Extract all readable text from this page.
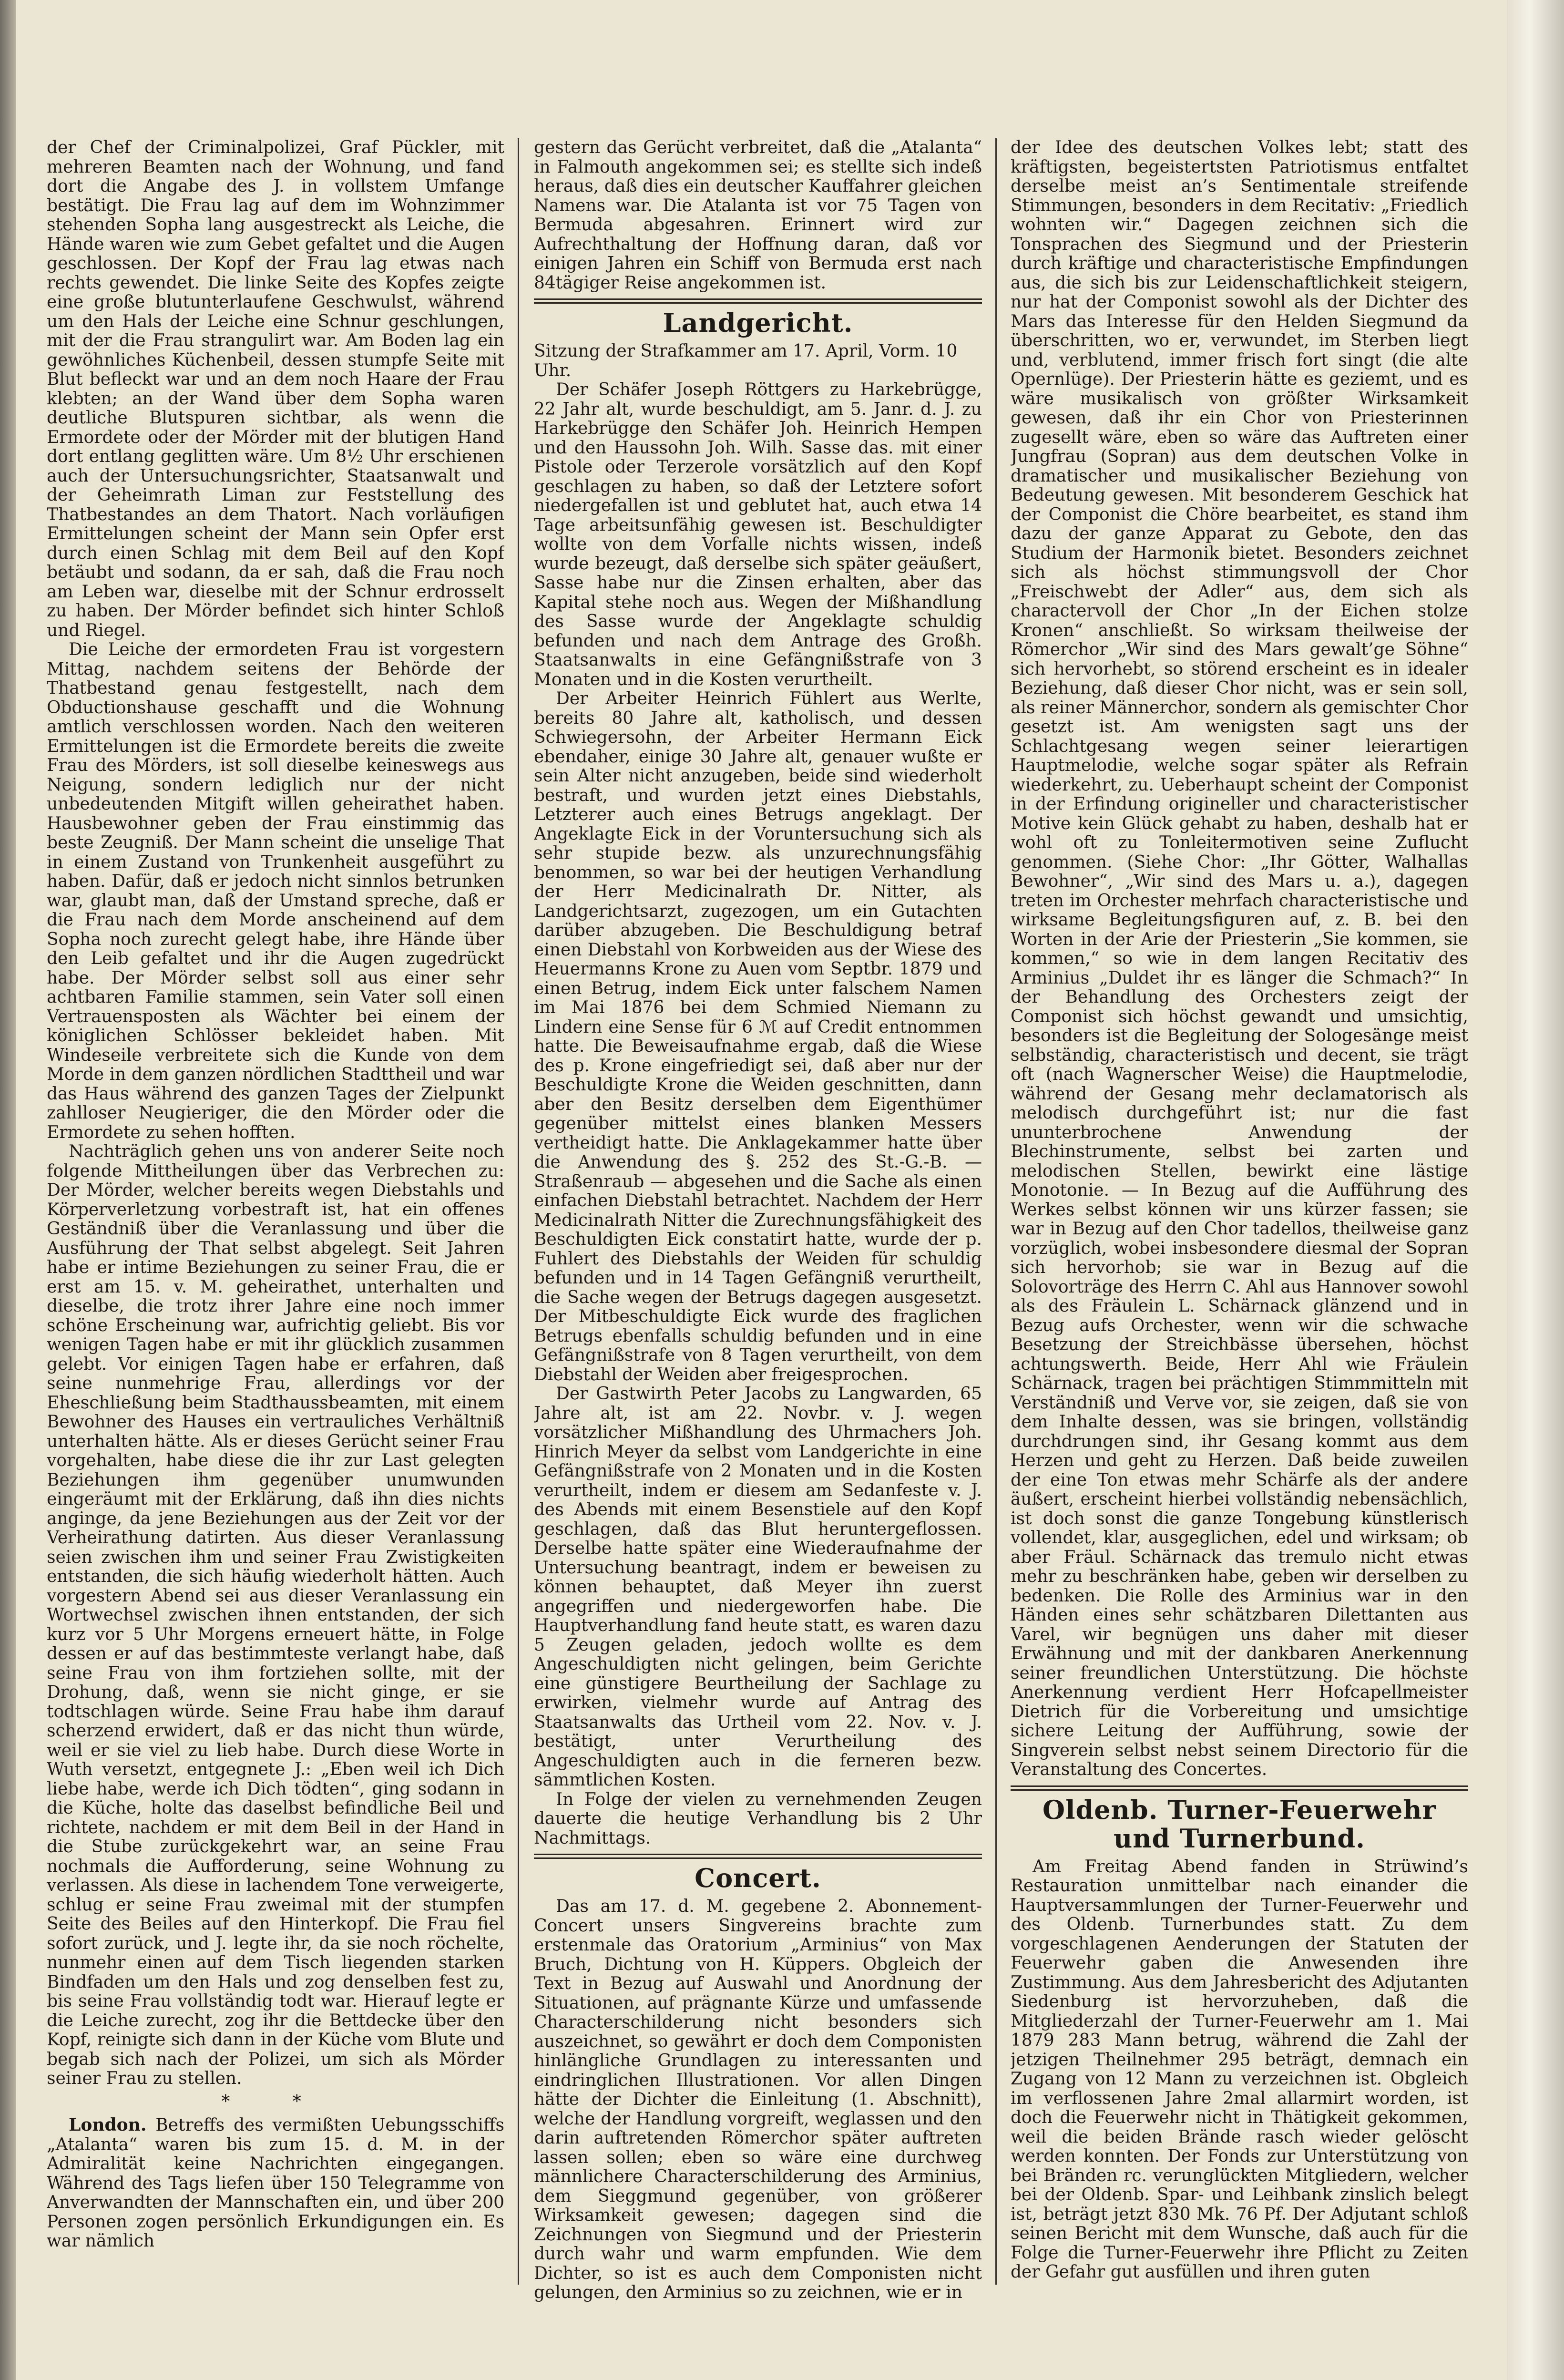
der Chef der Criminalpolizei, Graf Pückler, mit mehreren Beamten nach der Wohnung, und fand dort die Angabe des J. in vollstem Umfange bestätigt. Die Frau lag auf dem im Wohnzimmer stehenden Sopha lang ausgestreckt als Leiche, die Hände waren wie zum Gebet gefaltet und die Augen geschlossen. Der Kopf der Frau lag etwas nach rechts gewendet. Die linke Seite des Kopfes zeigte eine große blutunterlaufene Geschwulst, während um den Hals der Leiche eine Schnur geschlungen, mit der die Frau strangulirt war. Am Boden lag ein gewöhnliches Küchenbeil, dessen stumpfe Seite mit Blut befleckt war und an dem noch Haare der Frau klebten; an der Wand über dem Sopha waren deutliche Blutspuren sichtbar, als wenn die Ermordete oder der Mörder mit der blutigen Hand dort entlang geglitten wäre. Um 8½ Uhr erschienen auch der Untersuchungsrichter, Staatsanwalt und der Geheimrath Liman zur Feststellung des Thatbestandes an dem Thatort. Nach vorläufigen Ermittelungen scheint der Mann sein Opfer erst durch einen Schlag mit dem Beil auf den Kopf betäubt und sodann, da er sah, daß die Frau noch am Leben war, dieselbe mit der Schnur erdrosselt zu haben. Der Mörder befindet sich hinter Schloß und Riegel.

Die Leiche der ermordeten Frau ist vorgestern Mittag, nachdem seitens der Behörde der Thatbestand genau festgestellt, nach dem Obductionshause geschafft und die Wohnung amtlich verschlossen worden. Nach den weiteren Ermittelungen ist die Ermordete bereits die zweite Frau des Mörders, ist soll dieselbe keineswegs aus Neigung, sondern lediglich nur der nicht unbedeutenden Mitgift willen geheirathet haben. Hausbewohner geben der Frau einstimmig das beste Zeugniß. Der Mann scheint die unselige That in einem Zustand von Trunkenheit ausgeführt zu haben. Dafür, daß er jedoch nicht sinnlos betrunken war, glaubt man, daß der Umstand spreche, daß er die Frau nach dem Morde anscheinend auf dem Sopha noch zurecht gelegt habe, ihre Hände über den Leib gefaltet und ihr die Augen zugedrückt habe. Der Mörder selbst soll aus einer sehr achtbaren Familie stammen, sein Vater soll einen Vertrauensposten als Wächter bei einem der königlichen Schlösser bekleidet haben. Mit Windeseile verbreitete sich die Kunde von dem Morde in dem ganzen nördlichen Stadttheil und war das Haus während des ganzen Tages der Zielpunkt zahlloser Neugieriger, die den Mörder oder die Ermordete zu sehen hofften.

Nachträglich gehen uns von anderer Seite noch folgende Mittheilungen über das Verbrechen zu: Der Mörder, welcher bereits wegen Diebstahls und Körperverletzung vorbestraft ist, hat ein offenes Geständniß über die Veranlassung und über die Ausführung der That selbst abgelegt. Seit Jahren habe er intime Beziehungen zu seiner Frau, die er erst am 15. v. M. geheirathet, unterhalten und dieselbe, die trotz ihrer Jahre eine noch immer schöne Erscheinung war, aufrichtig geliebt. Bis vor wenigen Tagen habe er mit ihr glücklich zusammen gelebt. Vor einigen Tagen habe er erfahren, daß seine nunmehrige Frau, allerdings vor der Eheschließung beim Stadthaussbeamten, mit einem Bewohner des Hauses ein vertrauliches Verhältniß unterhalten hätte. Als er dieses Gerücht seiner Frau vorgehalten, habe diese die ihr zur Last gelegten Beziehungen ihm gegenüber unumwunden eingeräumt mit der Erklärung, daß ihn dies nichts anginge, da jene Beziehungen aus der Zeit vor der Verheirathung datirten. Aus dieser Veranlassung seien zwischen ihm und seiner Frau Zwistigkeiten entstanden, die sich häufig wiederholt hätten. Auch vorgestern Abend sei aus dieser Veranlassung ein Wortwechsel zwischen ihnen entstanden, der sich kurz vor 5 Uhr Morgens erneuert hätte, in Folge dessen er auf das bestimmteste verlangt habe, daß seine Frau von ihm fortziehen sollte, mit der Drohung, daß, wenn sie nicht ginge, er sie todtschlagen würde. Seine Frau habe ihm darauf scherzend erwidert, daß er das nicht thun würde, weil er sie viel zu lieb habe. Durch diese Worte in Wuth versetzt, entgegnete J.: „Eben weil ich Dich liebe habe, werde ich Dich tödten“, ging sodann in die Küche, holte das daselbst befindliche Beil und richtete, nachdem er mit dem Beil in der Hand in die Stube zurückgekehrt war, an seine Frau nochmals die Aufforderung, seine Wohnung zu verlassen. Als diese in lachendem Tone verweigerte, schlug er seine Frau zweimal mit der stumpfen Seite des Beiles auf den Hinterkopf. Die Frau fiel sofort zurück, und J. legte ihr, da sie noch röchelte, nunmehr einen auf dem Tisch liegenden starken Bindfaden um den Hals und zog denselben fest zu, bis seine Frau vollständig todt war. Hierauf legte er die Leiche zurecht, zog ihr die Bettdecke über den Kopf, reinigte sich dann in der Küche vom Blute und begab sich nach der Polizei, um sich als Mörder seiner Frau zu stellen.

* *

London. Betreffs des vermißten Uebungsschiffs „Atalanta“ waren bis zum 15. d. M. in der Admiralität keine Nachrichten eingegangen. Während des Tags liefen über 150 Telegramme von Anverwandten der Mannschaften ein, und über 200 Personen zogen persönlich Erkundigungen ein. Es war nämlich

gestern das Gerücht verbreitet, daß die „Atalanta“ in Falmouth angekommen sei; es stellte sich indeß heraus, daß dies ein deutscher Kauffahrer gleichen Namens war. Die Atalanta ist vor 75 Tagen von Bermuda abgesahren. Erinnert wird zur Aufrechthaltung der Hoffnung daran, daß vor einigen Jahren ein Schiff von Bermuda erst nach 84tägiger Reise angekommen ist.

Landgericht.

Sitzung der Strafkammer am 17. April, Vorm. 10 Uhr.

Der Schäfer Joseph Röttgers zu Harkebrügge, 22 Jahr alt, wurde beschuldigt, am 5. Janr. d. J. zu Harkebrügge den Schäfer Joh. Heinrich Hempen und den Haussohn Joh. Wilh. Sasse das. mit einer Pistole oder Terzerole vorsätzlich auf den Kopf geschlagen zu haben, so daß der Letztere sofort niedergefallen ist und geblutet hat, auch etwa 14 Tage arbeitsunfähig gewesen ist. Beschuldigter wollte von dem Vorfalle nichts wissen, indeß wurde bezeugt, daß derselbe sich später geäußert, Sasse habe nur die Zinsen erhalten, aber das Kapital stehe noch aus. Wegen der Mißhandlung des Sasse wurde der Angeklagte schuldig befunden und nach dem Antrage des Großh. Staatsanwalts in eine Gefängnißstrafe von 3 Monaten und in die Kosten verurtheilt.

Der Arbeiter Heinrich Fühlert aus Werlte, bereits 80 Jahre alt, katholisch, und dessen Schwiegersohn, der Arbeiter Hermann Eick ebendaher, einige 30 Jahre alt, genauer wußte er sein Alter nicht anzugeben, beide sind wiederholt bestraft, und wurden jetzt eines Diebstahls, Letzterer auch eines Betrugs angeklagt. Der Angeklagte Eick in der Voruntersuchung sich als sehr stupide bezw. als unzurechnungsfähig benommen, so war bei der heutigen Verhandlung der Herr Medicinalrath Dr. Nitter, als Landgerichtsarzt, zugezogen, um ein Gutachten darüber abzugeben. Die Beschuldigung betraf einen Diebstahl von Korbweiden aus der Wiese des Heuermanns Krone zu Auen vom Septbr. 1879 und einen Betrug, indem Eick unter falschem Namen im Mai 1876 bei dem Schmied Niemann zu Lindern eine Sense für 6 ℳ auf Credit entnommen hatte. Die Beweisaufnahme ergab, daß die Wiese des p. Krone eingefriedigt sei, daß aber nur der Beschuldigte Krone die Weiden geschnitten, dann aber den Besitz derselben dem Eigenthümer gegenüber mittelst eines blanken Messers vertheidigt hatte. Die Anklagekammer hatte über die Anwendung des §. 252 des St.-G.-B. — Straßenraub — abgesehen und die Sache als einen einfachen Diebstahl betrachtet. Nachdem der Herr Medicinalrath Nitter die Zurechnungsfähigkeit des Beschuldigten Eick constatirt hatte, wurde der p. Fuhlert des Diebstahls der Weiden für schuldig befunden und in 14 Tagen Gefängniß verurtheilt, die Sache wegen der Betrugs dagegen ausgesetzt. Der Mitbeschuldigte Eick wurde des fraglichen Betrugs ebenfalls schuldig befunden und in eine Gefängnißstrafe von 8 Tagen verurtheilt, von dem Diebstahl der Weiden aber freigesprochen.

Der Gastwirth Peter Jacobs zu Langwarden, 65 Jahre alt, ist am 22. Novbr. v. J. wegen vorsätzlicher Mißhandlung des Uhrmachers Joh. Hinrich Meyer da selbst vom Landgerichte in eine Gefängnißstrafe von 2 Monaten und in die Kosten verurtheilt, indem er diesem am Sedanfeste v. J. des Abends mit einem Besenstiele auf den Kopf geschlagen, daß das Blut heruntergeflossen. Derselbe hatte später eine Wiederaufnahme der Untersuchung beantragt, indem er beweisen zu können behauptet, daß Meyer ihn zuerst angegriffen und niedergeworfen habe. Die Hauptverhandlung fand heute statt, es waren dazu 5 Zeugen geladen, jedoch wollte es dem Angeschuldigten nicht gelingen, beim Gerichte eine günstigere Beurtheilung der Sachlage zu erwirken, vielmehr wurde auf Antrag des Staatsanwalts das Urtheil vom 22. Nov. v. J. bestätigt, unter Verurtheilung des Angeschuldigten auch in die ferneren bezw. sämmtlichen Kosten.

In Folge der vielen zu vernehmenden Zeugen dauerte die heutige Verhandlung bis 2 Uhr Nachmittags.

Concert.

Das am 17. d. M. gegebene 2. Abonnement-Concert unsers Singvereins brachte zum erstenmale das Oratorium „Arminius“ von Max Bruch, Dichtung von H. Küppers. Obgleich der Text in Bezug auf Auswahl und Anordnung der Situationen, auf prägnante Kürze und umfassende Characterschilderung nicht besonders sich auszeichnet, so gewährt er doch dem Componisten hinlängliche Grundlagen zu interessanten und eindringlichen Illustrationen. Vor allen Dingen hätte der Dichter die Einleitung (1. Abschnitt), welche der Handlung vorgreift, weglassen und den darin auftretenden Römerchor später auftreten lassen sollen; eben so wäre eine durchweg männlichere Characterschilderung des Arminius, dem Sieggmund gegenüber, von größerer Wirksamkeit gewesen; dagegen sind die Zeichnungen von Siegmund und der Priesterin durch wahr und warm empfunden. Wie dem Dichter, so ist es auch dem Componisten nicht gelungen, den Arminius so zu zeichnen, wie er in

der Idee des deutschen Volkes lebt; statt des kräftigsten, begeistertsten Patriotismus entfaltet derselbe meist an’s Sentimentale streifende Stimmungen, besonders in dem Recitativ: „Friedlich wohnten wir.“ Dagegen zeichnen sich die Tonsprachen des Siegmund und der Priesterin durch kräftige und characteristische Empfindungen aus, die sich bis zur Leidenschaftlichkeit steigern, nur hat der Componist sowohl als der Dichter des Mars das Interesse für den Helden Siegmund da überschritten, wo er, verwundet, im Sterben liegt und, verblutend, immer frisch fort singt (die alte Opernlüge). Der Priesterin hätte es geziemt, und es wäre musikalisch von größter Wirksamkeit gewesen, daß ihr ein Chor von Priesterinnen zugesellt wäre, eben so wäre das Auftreten einer Jungfrau (Sopran) aus dem deutschen Volke in dramatischer und musikalischer Beziehung von Bedeutung gewesen. Mit besonderem Geschick hat der Componist die Chöre bearbeitet, es stand ihm dazu der ganze Apparat zu Gebote, den das Studium der Harmonik bietet. Besonders zeichnet sich als höchst stimmungsvoll der Chor „Freischwebt der Adler“ aus, dem sich als charactervoll der Chor „In der Eichen stolze Kronen“ anschließt. So wirksam theilweise der Römerchor „Wir sind des Mars gewalt’ge Söhne“ sich hervorhebt, so störend erscheint es in idealer Beziehung, daß dieser Chor nicht, was er sein soll, als reiner Männerchor, sondern als gemischter Chor gesetzt ist. Am wenigsten sagt uns der Schlachtgesang wegen seiner leierartigen Hauptmelodie, welche sogar später als Refrain wiederkehrt, zu. Ueberhaupt scheint der Componist in der Erfindung origineller und characteristischer Motive kein Glück gehabt zu haben, deshalb hat er wohl oft zu Tonleitermotiven seine Zuflucht genommen. (Siehe Chor: „Ihr Götter, Walhallas Bewohner“, „Wir sind des Mars u. a.), dagegen treten im Orchester mehrfach characteristische und wirksame Begleitungsfiguren auf, z. B. bei den Worten in der Arie der Priesterin „Sie kommen, sie kommen,“ so wie in dem langen Recitativ des Arminius „Duldet ihr es länger die Schmach?“ In der Behandlung des Orchesters zeigt der Componist sich höchst gewandt und umsichtig, besonders ist die Begleitung der Sologesänge meist selbständig, characteristisch und decent, sie trägt oft (nach Wagnerscher Weise) die Hauptmelodie, während der Gesang mehr declamatorisch als melodisch durchgeführt ist; nur die fast ununterbrochene Anwendung der Blechinstrumente, selbst bei zarten und melodischen Stellen, bewirkt eine lästige Monotonie. — In Bezug auf die Aufführung des Werkes selbst können wir uns kürzer fassen; sie war in Bezug auf den Chor tadellos, theilweise ganz vorzüglich, wobei insbesondere diesmal der Sopran sich hervorhob; sie war in Bezug auf die Solovorträge des Herrn C. Ahl aus Hannover sowohl als des Fräulein L. Schärnack glänzend und in Bezug aufs Orchester, wenn wir die schwache Besetzung der Streichbässe übersehen, höchst achtungswerth. Beide, Herr Ahl wie Fräulein Schärnack, tragen bei prächtigen Stimmmitteln mit Verständniß und Verve vor, sie zeigen, daß sie von dem Inhalte dessen, was sie bringen, vollständig durchdrungen sind, ihr Gesang kommt aus dem Herzen und geht zu Herzen. Daß beide zuweilen der eine Ton etwas mehr Schärfe als der andere äußert, erscheint hierbei vollständig nebensächlich, ist doch sonst die ganze Tongebung künstlerisch vollendet, klar, ausgeglichen, edel und wirksam; ob aber Fräul. Schärnack das tremulo nicht etwas mehr zu beschränken habe, geben wir derselben zu bedenken. Die Rolle des Arminius war in den Händen eines sehr schätzbaren Dilettanten aus Varel, wir begnügen uns daher mit dieser Erwähnung und mit der dankbaren Anerkennung seiner freundlichen Unterstützung. Die höchste Anerkennung verdient Herr Hofcapellmeister Dietrich für die Vorbereitung und umsichtige sichere Leitung der Aufführung, sowie der Singverein selbst nebst seinem Directorio für die Veranstaltung des Concertes.

Oldenb. Turner-Feuerwehr und Turnerbund.

Am Freitag Abend fanden in Strüwind’s Restauration unmittelbar nach einander die Hauptversammlungen der Turner-Feuerwehr und des Oldenb. Turnerbundes statt. Zu dem vorgeschlagenen Aenderungen der Statuten der Feuerwehr gaben die Anwesenden ihre Zustimmung. Aus dem Jahresbericht des Adjutanten Siedenburg ist hervorzuheben, daß die Mitgliederzahl der Turner-Feuerwehr am 1. Mai 1879 283 Mann betrug, während die Zahl der jetzigen Theilnehmer 295 beträgt, demnach ein Zugang von 12 Mann zu verzeichnen ist. Obgleich im verflossenen Jahre 2mal allarmirt worden, ist doch die Feuerwehr nicht in Thätigkeit gekommen, weil die beiden Brände rasch wieder gelöscht werden konnten. Der Fonds zur Unterstützung von bei Bränden rc. verunglückten Mitgliedern, welcher bei der Oldenb. Spar- und Leihbank zinslich belegt ist, beträgt jetzt 830 Mk. 76 Pf. Der Adjutant schloß seinen Bericht mit dem Wunsche, daß auch für die Folge die Turner-Feuerwehr ihre Pflicht zu Zeiten der Gefahr gut ausfüllen und ihren guten
